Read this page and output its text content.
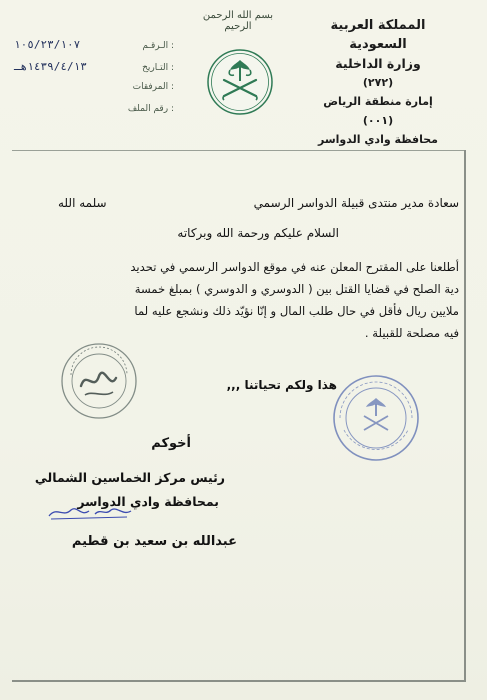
بسم الله الرحمن الرحيم	المملكة العربية السعودية
وزارة الداخلية
(٢٧٢)
إمارة منطقة الرياض
(٠٠١)
محافظة وادي الدواسر
الـرقـم :
١٠٥/٢٣/١٠٧
التـاريخ :
١٤٣٩/٤/١٣هـ
المرفقات :
رقم الملف :
سعادة مدير منتدى قبيلة الدواسر الرسمي
سلمه الله
السلام عليكم ورحمة الله وبركاته
أطلعنا على المقترح المعلن عنه في موقع الدواسر الرسمي في تحديد
دية الصلح في قضايا القتل بين ( الدوسري و الدوسري ) بمبلغ خمسة
ملايين ريال فأقل في حال طلب المال و إنّا نؤيّد ذلك ونشجع عليه لما
فيه مصلحة للقبيلة .
هذا ولكم تحياتنا ,,,
أخوكم
رئيس مركز الخماسين الشمالي
بمحافظة وادي الدواسر
عبدالله بن سعيد بن قطيم
